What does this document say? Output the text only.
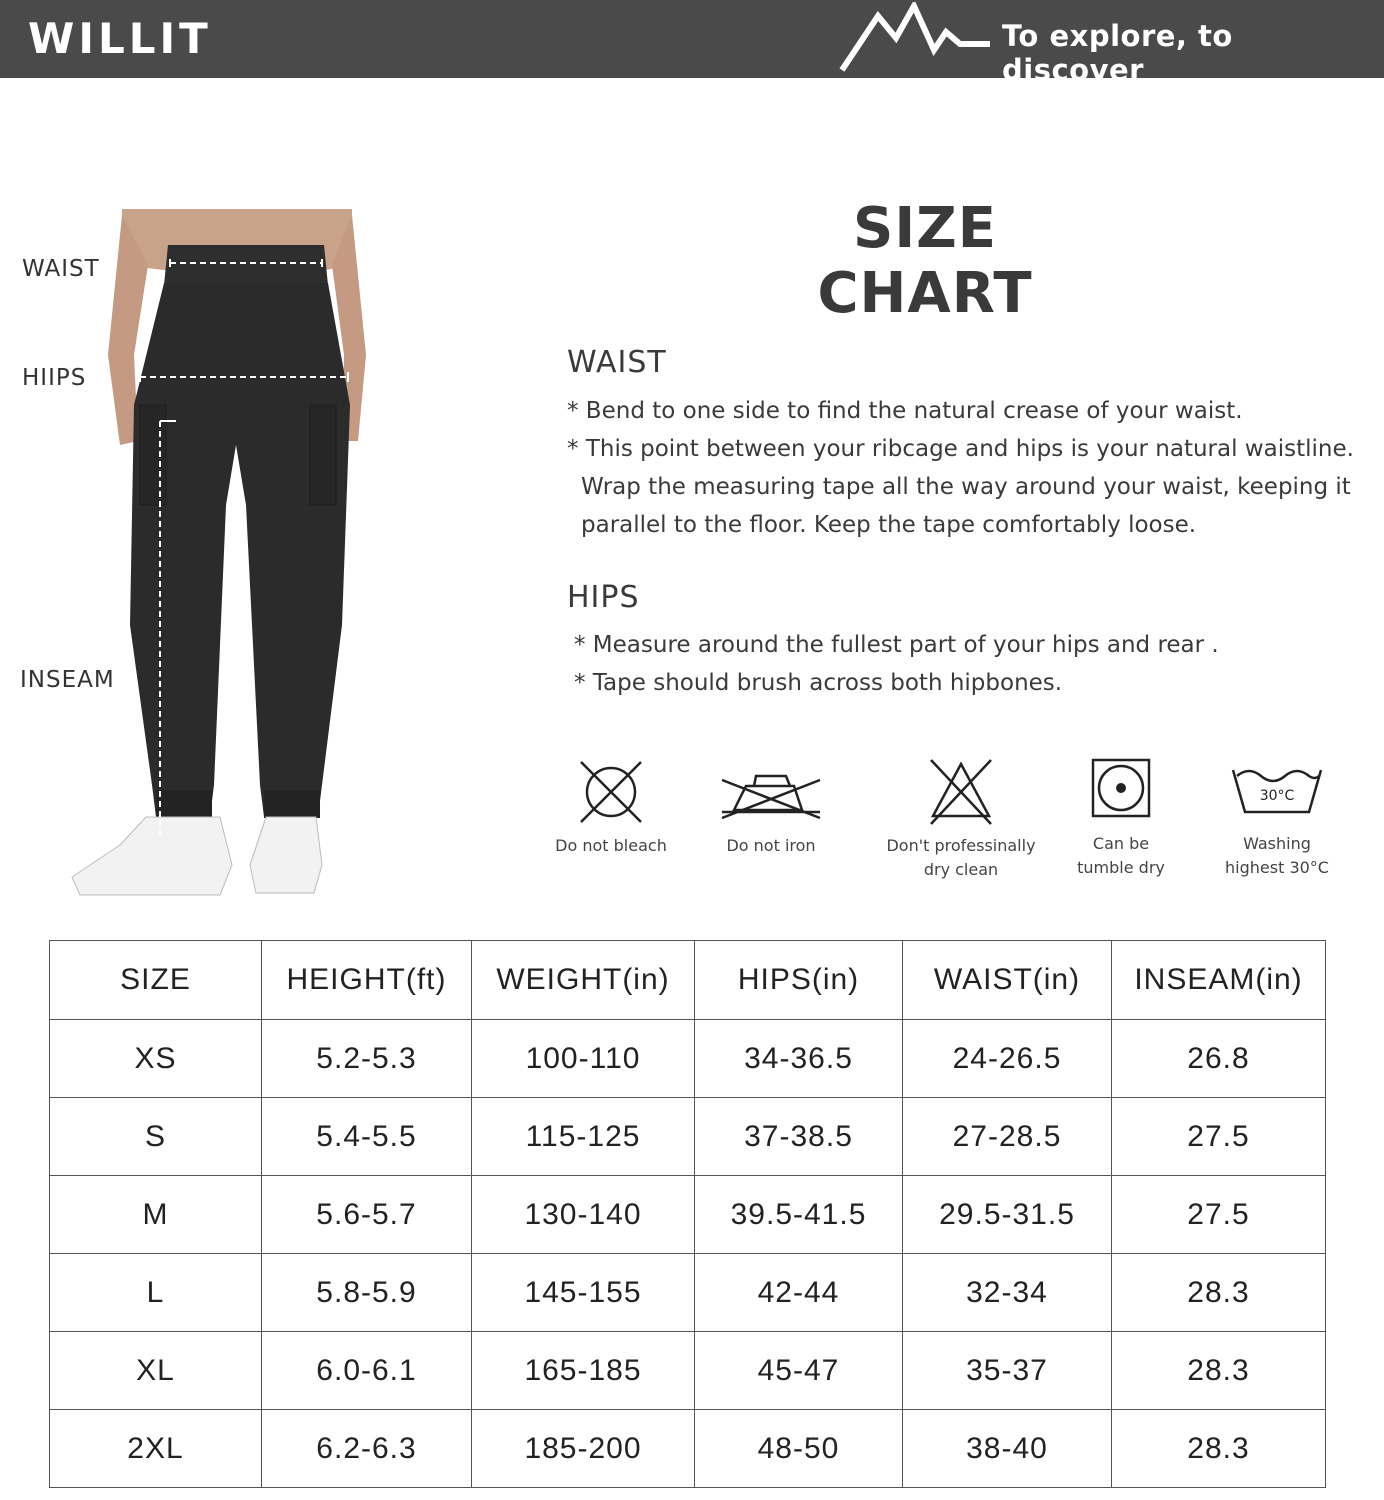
WILLIT	To explore, to discover
WAIST
HIIPS
INSEAM
SIZE CHART
WAIST
* Bend to one side to find the natural crease of your waist.
* This point between your ribcage and hips is your natural waistline.
Wrap the measuring tape all the way around your waist, keeping it
parallel to the floor. Keep the tape comfortably loose.
HIPS
* Measure around the fullest part of your hips and rear .
* Tape should brush across both hipbones.
Do not bleach	Do not iron	Don't professinally
dry clean
Can be
tumble dry
30°C
Washing
highest 30°C
SIZE	HEIGHT(ft)	WEIGHT(in)	HIPS(in)	WAIST(in)	INSEAM(in)
XS	5.2-5.3	100-110	34-36.5	24-26.5	26.8
S	5.4-5.5	115-125	37-38.5	27-28.5	27.5
M	5.6-5.7	130-140	39.5-41.5	29.5-31.5	27.5
L	5.8-5.9	145-155	42-44	32-34	28.3
XL	6.0-6.1	165-185	45-47	35-37	28.3
2XL	6.2-6.3	185-200	48-50	38-40	28.3
